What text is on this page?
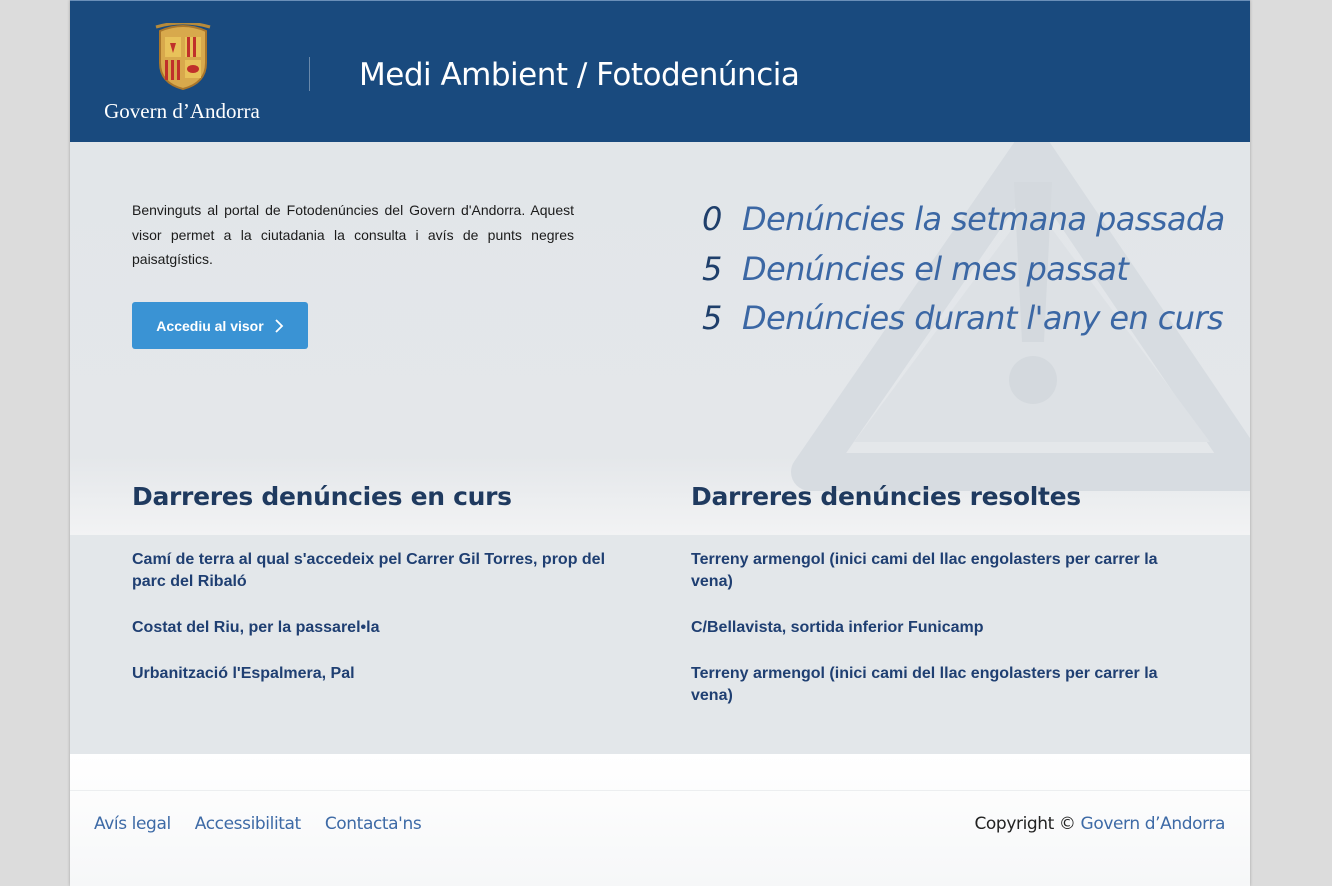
Govern d’Andorra
Medi Ambient / Fotodenúncia
Benvinguts al portal de Fotodenúncies del Govern d'Andorra. Aquest visor permet a la ciutadania la consulta i avís de punts negres paisatgístics.
Accediu al visor
0 Denúncies la setmana passada
5 Denúncies el mes passat
5 Denúncies durant l'any en curs
Darreres denúncies en curs	Darreres denúncies resoltes
Camí de terra al qual s'accedeix pel Carrer Gil Torres, prop del parc del Ribaló
Costat del Riu, per la passarel•la
Urbanització l'Espalmera, Pal
Terreny armengol (inici cami del llac engolasters per carrer la vena)
C/Bellavista, sortida inferior Funicamp
Terreny armengol (inici cami del llac engolasters per carrer la vena)
Avís legal Accessibilitat Contacta'ns	Copyright © Govern d’Andorra
